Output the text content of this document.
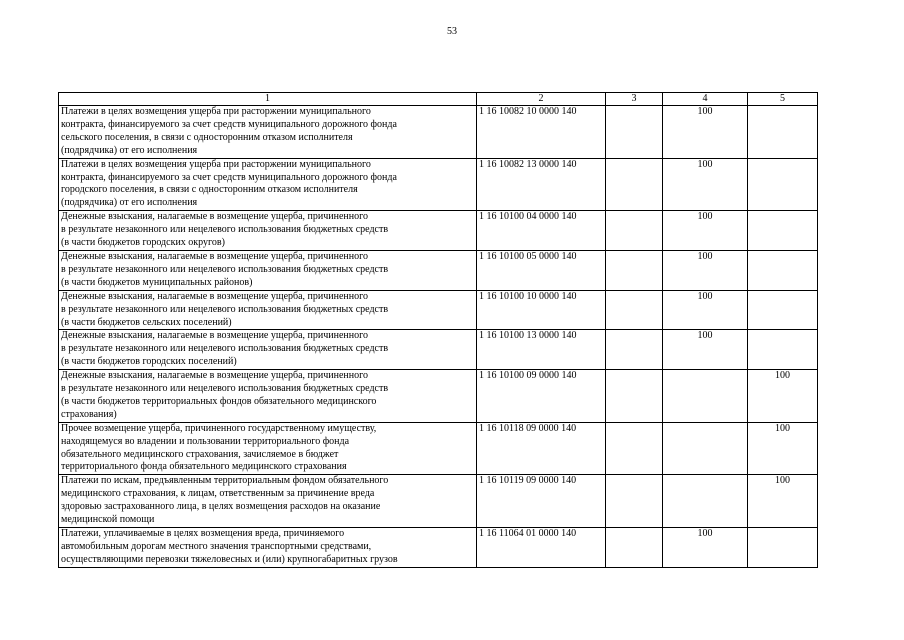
53
1	2	3	4	5
Платежи в целях возмещения ущерба при расторжении муниципального
контракта, финансируемого за счет средств муниципального дорожного фонда
сельского поселения, в связи с односторонним отказом исполнителя
(подрядчика) от его исполнения	1 16 10082 10 0000 140		100	
Платежи в целях возмещения ущерба при расторжении муниципального
контракта, финансируемого за счет средств муниципального дорожного фонда
городского поселения, в связи с односторонним отказом исполнителя
(подрядчика) от его исполнения	1 16 10082 13 0000 140		100	
Денежные взыскания, налагаемые в возмещение ущерба, причиненного
в результате незаконного или нецелевого использования бюджетных средств
(в части бюджетов городских округов)	1 16 10100 04 0000 140		100	
Денежные взыскания, налагаемые в возмещение ущерба, причиненного
в результате незаконного или нецелевого использования бюджетных средств
(в части бюджетов муниципальных районов)	1 16 10100 05 0000 140		100	
Денежные взыскания, налагаемые в возмещение ущерба, причиненного
в результате незаконного или нецелевого использования бюджетных средств
(в части бюджетов сельских поселений)	1 16 10100 10 0000 140		100	
Денежные взыскания, налагаемые в возмещение ущерба, причиненного
в результате незаконного или нецелевого использования бюджетных средств
(в части бюджетов городских поселений)	1 16 10100 13 0000 140		100	
Денежные взыскания, налагаемые в возмещение ущерба, причиненного
в результате незаконного или нецелевого использования бюджетных средств
(в части бюджетов территориальных фондов обязательного медицинского
страхования)	1 16 10100 09 0000 140			100
Прочее возмещение ущерба, причиненного государственному имуществу,
находящемуся во владении и пользовании территориального фонда
обязательного медицинского страхования, зачисляемое в бюджет
территориального фонда обязательного медицинского страхования	1 16 10118 09 0000 140			100
Платежи по искам, предъявленным территориальным фондом обязательного
медицинского страхования, к лицам, ответственным за причинение вреда
здоровью застрахованного лица, в целях возмещения расходов на оказание
медицинской помощи	1 16 10119 09 0000 140			100
Платежи, уплачиваемые в целях возмещения вреда, причиняемого
автомобильным дорогам местного значения транспортными средствами,
осуществляющими перевозки тяжеловесных и (или) крупногабаритных грузов	1 16 11064 01 0000 140		100	
